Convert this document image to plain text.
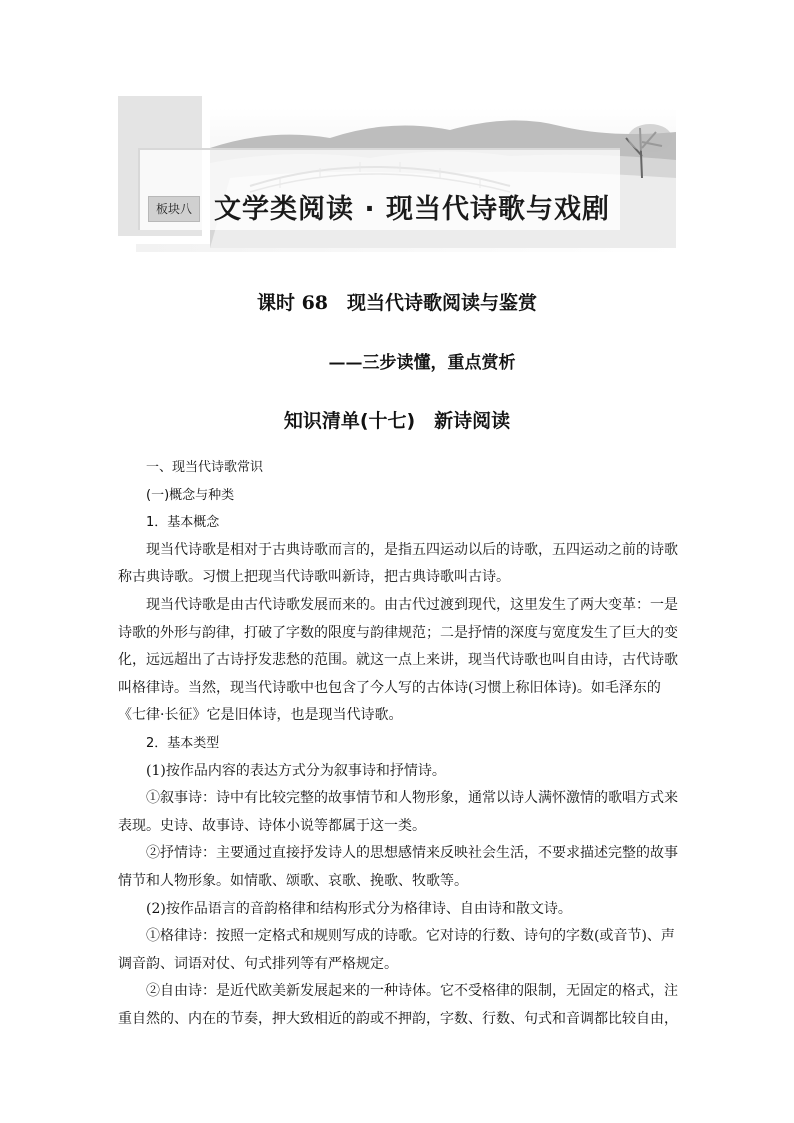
板块八 文学类阅读 · 现当代诗歌与戏剧
课时 68　现当代诗歌阅读与鉴赏
——三步读懂，重点赏析
知识清单(十七)　新诗阅读

一、现当代诗歌常识

(一)概念与种类

1．基本概念

现当代诗歌是相对于古典诗歌而言的，是指五四运动以后的诗歌，五四运动之前的诗歌称古典诗歌。习惯上把现当代诗歌叫新诗，把古典诗歌叫古诗。

现当代诗歌是由古代诗歌发展而来的。由古代过渡到现代，这里发生了两大变革：一是诗歌的外形与韵律，打破了字数的限度与韵律规范；二是抒情的深度与宽度发生了巨大的变化，远远超出了古诗抒发悲愁的范围。就这一点上来讲，现当代诗歌也叫自由诗，古代诗歌叫格律诗。当然，现当代诗歌中也包含了今人写的古体诗(习惯上称旧体诗)。如毛泽东的《七律·长征》它是旧体诗，也是现当代诗歌。

2．基本类型

(1)按作品内容的表达方式分为叙事诗和抒情诗。

①叙事诗：诗中有比较完整的故事情节和人物形象，通常以诗人满怀激情的歌唱方式来表现。史诗、故事诗、诗体小说等都属于这一类。

②抒情诗：主要通过直接抒发诗人的思想感情来反映社会生活，不要求描述完整的故事情节和人物形象。如情歌、颂歌、哀歌、挽歌、牧歌等。

(2)按作品语言的音韵格律和结构形式分为格律诗、自由诗和散文诗。

①格律诗：按照一定格式和规则写成的诗歌。它对诗的行数、诗句的字数(或音节)、声调音韵、词语对仗、句式排列等有严格规定。

②自由诗：是近代欧美新发展起来的一种诗体。它不受格律的限制，无固定的格式，注重自然的、内在的节奏，押大致相近的韵或不押韵，字数、行数、句式和音调都比较自由，
